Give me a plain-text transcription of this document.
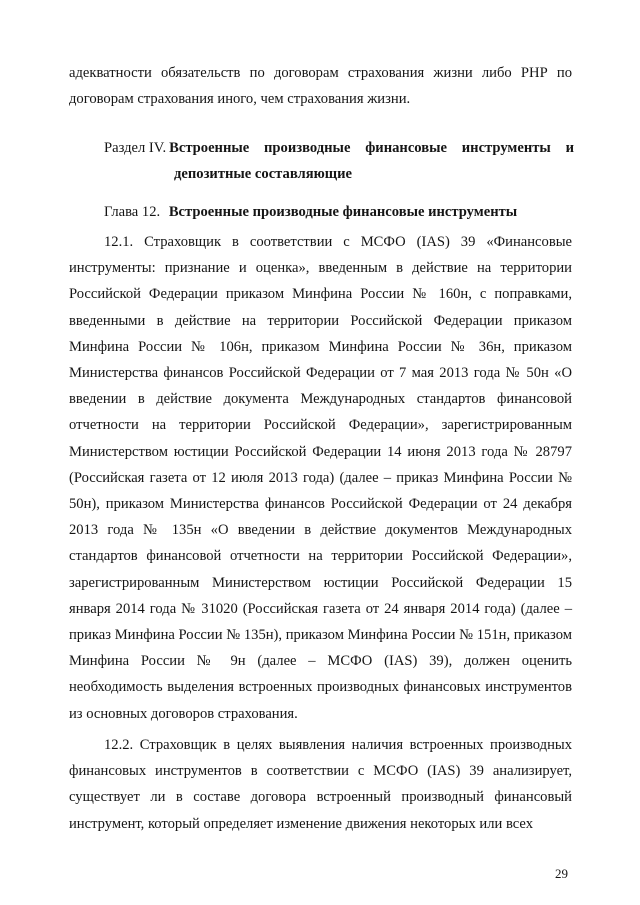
адекватности обязательств по договорам страхования жизни либо РНР по договорам страхования иного, чем страхования жизни.

Раздел IV. Встроенные производные финансовые инструменты и
депозитные составляющие
Глава 12. Встроенные производные финансовые инструменты

12.1. Страховщик в соответствии с МСФО (IAS) 39 «Финансовые инструменты: признание и оценка», введенным в действие на территории Российской Федерации приказом Минфина России № 160н, с поправками, введенными в действие на территории Российской Федерации приказом Минфина России № 106н, приказом Минфина России № 36н, приказом Министерства финансов Российской Федерации от 7 мая 2013 года № 50н «О введении в действие документа Международных стандартов финансовой отчетности на территории Российской Федерации», зарегистрированным Министерством юстиции Российской Федерации 14 июня 2013 года № 28797 (Российская газета от 12 июля 2013 года) (далее – приказ Минфина России № 50н), приказом Министерства финансов Российской Федерации от 24 декабря 2013 года № 135н «О введении в действие документов Международных стандартов финансовой отчетности на территории Российской Федерации», зарегистрированным Министерством юстиции Российской Федерации 15 января 2014 года № 31020 (Российская газета от 24 января 2014 года) (далее – приказ Минфина России № 135н), приказом Минфина России № 151н, приказом Минфина России № 9н (далее – МСФО (IAS) 39), должен оценить необходимость выделения встроенных производных финансовых инструментов из основных договоров страхования.

12.2. Страховщик в целях выявления наличия встроенных производных финансовых инструментов в соответствии с МСФО (IAS) 39 анализирует, существует ли в составе договора встроенный производный финансовый инструмент, который определяет изменение движения некоторых или всех

29
